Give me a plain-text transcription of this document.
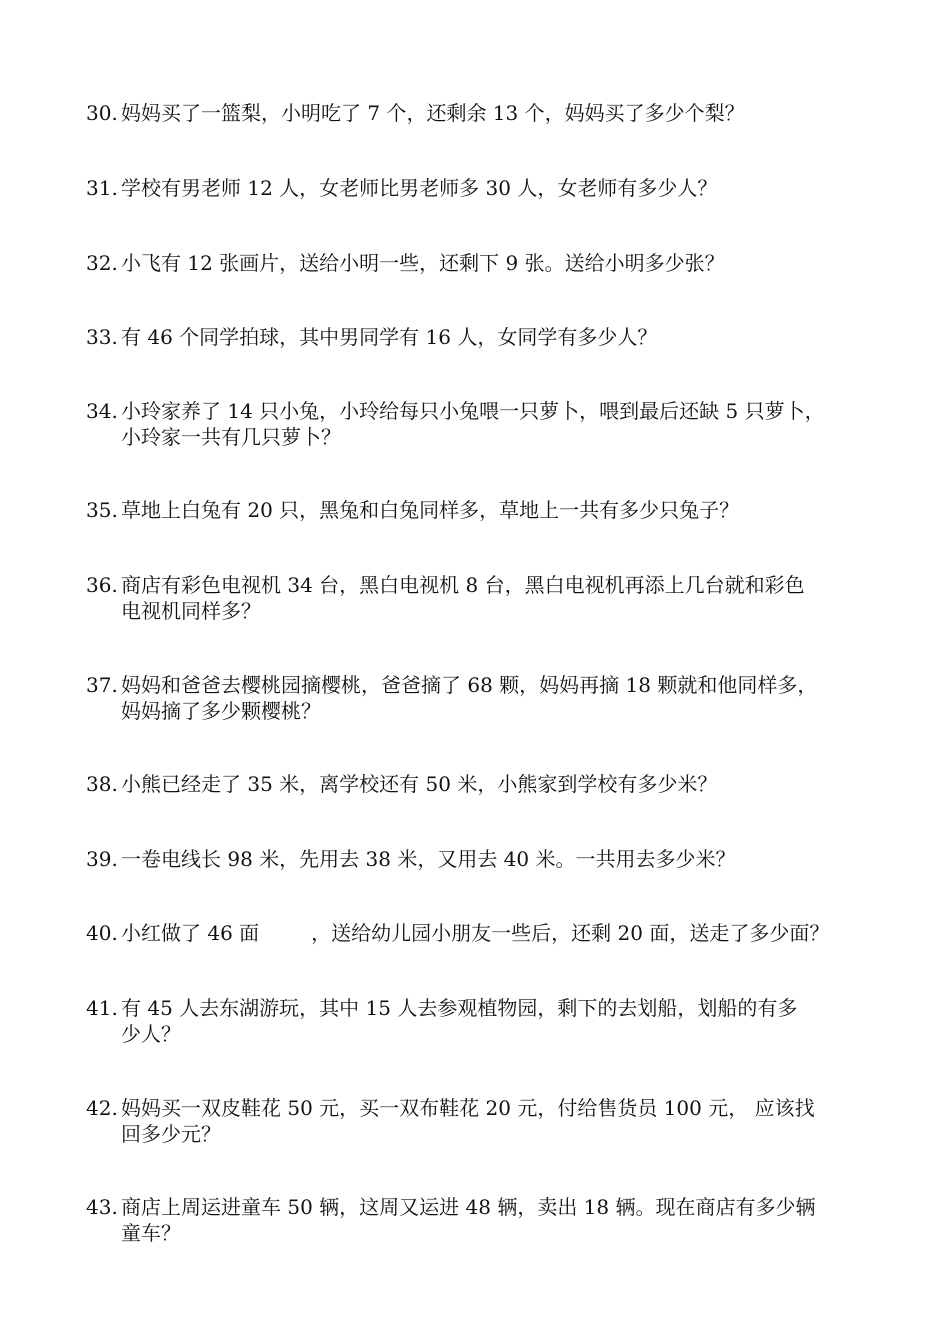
30. 妈妈买了一篮梨，小明吃了 7 个，还剩余 13 个，妈妈买了多少个梨？
31. 学校有男老师 12 人，女老师比男老师多 30 人，女老师有多少人？
32. 小飞有 12 张画片，送给小明一些，还剩下 9 张。送给小明多少张？
33. 有 46 个同学拍球，其中男同学有 16 人，女同学有多少人？
34. 小玲家养了 14 只小兔，小玲给每只小兔喂一只萝卜，喂到最后还缺 5 只萝卜，
小玲家一共有几只萝卜？
35. 草地上白兔有 20 只，黑兔和白兔同样多，草地上一共有多少只兔子？
36. 商店有彩色电视机 34 台，黑白电视机 8 台，黑白电视机再添上几台就和彩色
电视机同样多？
37. 妈妈和爸爸去樱桃园摘樱桃，爸爸摘了 68 颗，妈妈再摘 18 颗就和他同样多，
妈妈摘了多少颗樱桃？
38. 小熊已经走了 35 米，离学校还有 50 米，小熊家到学校有多少米？
39. 一卷电线长 98 米，先用去 38 米，又用去 40 米。一共用去多少米？
40. 小红做了 46 面	，送给幼儿园小朋友一些后，还剩 20 面，送走了多少面？
41. 有 45 人去东湖游玩，其中 15 人去参观植物园，剩下的去划船，划船的有多
少人？
42. 妈妈买一双皮鞋花 50 元，买一双布鞋花 20 元，付给售货员 100 元， 应该找
回多少元？
43. 商店上周运进童车 50 辆，这周又运进 48 辆，卖出 18 辆。现在商店有多少辆
童车？
